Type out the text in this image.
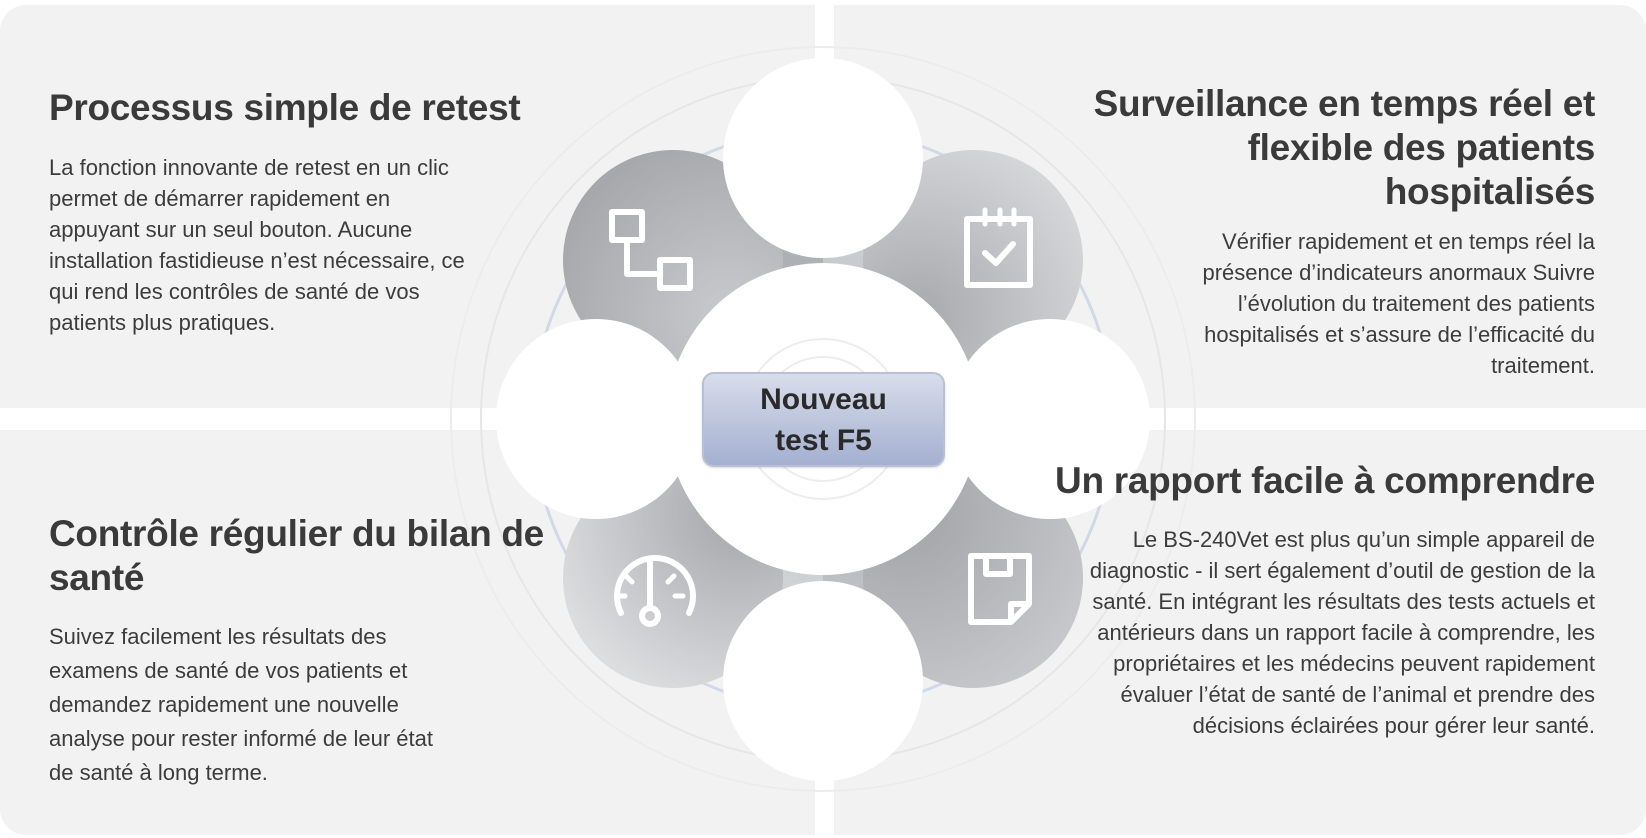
Nouveau
test F5
Processus simple de retest

La fonction innovante de retest en un clic permet de démarrer rapidement en appuyant sur un seul bouton. Aucune installation fastidieuse n’est nécessaire, ce qui rend les contrôles de santé de vos patients plus pratiques.

Surveillance en temps réel et flexible des patients hospitalisés

Vérifier rapidement et en temps réel la présence d’indicateurs anormaux Suivre l’évolution du traitement des patients hospitalisés et s’assure de l’efficacité du traitement.

Contrôle régulier du bilan de santé

Suivez facilement les résultats des examens de santé de vos patients et demandez rapidement une nouvelle analyse pour rester informé de leur état de santé à long terme.

Un rapport facile à comprendre

Le BS-240Vet est plus qu’un simple appareil de diagnostic - il sert également d’outil de gestion de la santé. En intégrant les résultats des tests actuels et antérieurs dans un rapport facile à comprendre, les propriétaires et les médecins peuvent rapidement évaluer l’état de santé de l’animal et prendre des décisions éclairées pour gérer leur santé.
